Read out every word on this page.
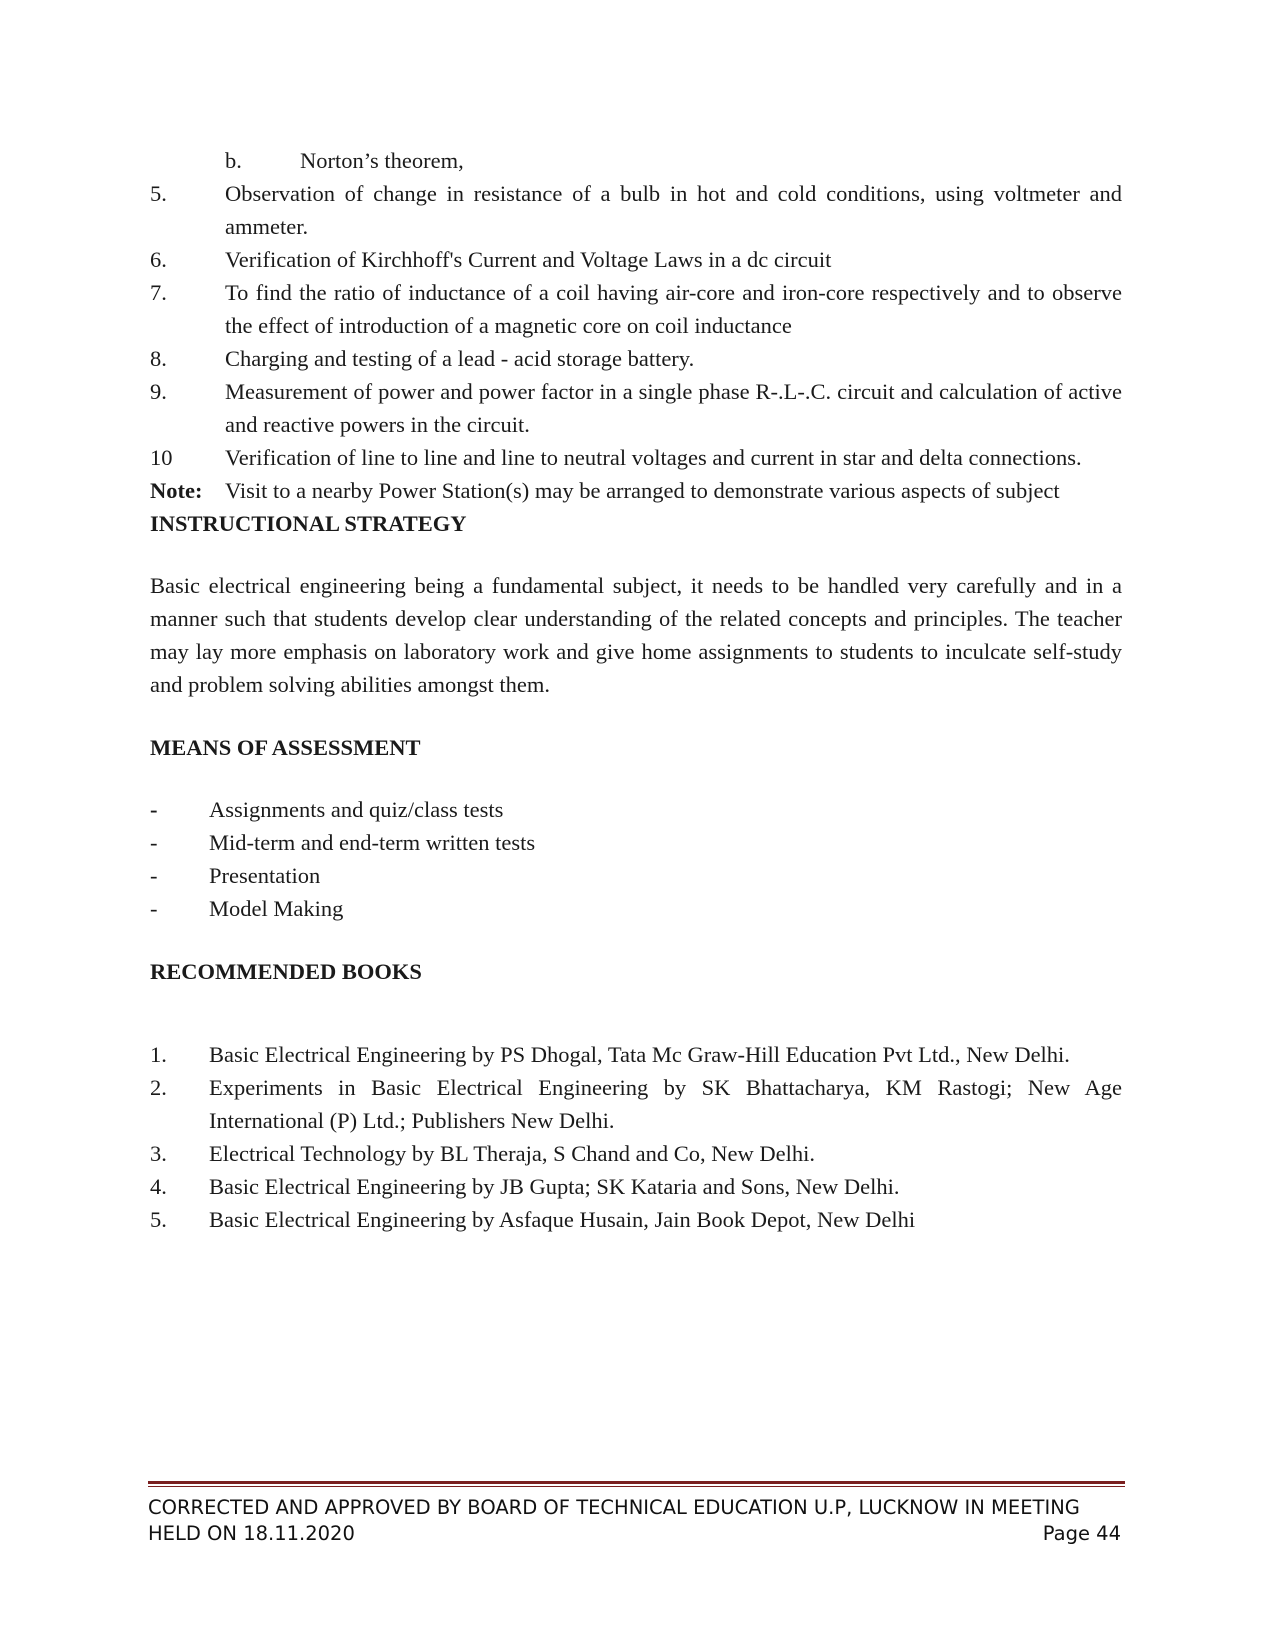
b.	Norton’s theorem,
5.	Observation of change in resistance of a bulb in hot and cold conditions, using voltmeter and ammeter.
6.	Verification of Kirchhoff's Current and Voltage Laws in a dc circuit
7.	To find the ratio of inductance of a coil having air-core and iron-core respectively and to observe the effect of introduction of a magnetic core on coil inductance
8.	Charging and testing of a lead - acid storage battery.
9.	Measurement of power and power factor in a single phase R-.L-.C. circuit and calculation of active and reactive powers in the circuit.
10	Verification of line to line and line to neutral voltages and current in star and delta connections.
Note:	Visit to a nearby Power Station(s) may be arranged to demonstrate various aspects of subject
INSTRUCTIONAL STRATEGY

Basic electrical engineering being a fundamental subject, it needs to be handled very carefully and in a manner such that students develop clear understanding of the related concepts and principles. The teacher may lay more emphasis on laboratory work and give home assignments to students to inculcate self-study and problem solving abilities amongst them.

MEANS OF ASSESSMENT
-	Assignments and quiz/class tests
-	Mid-term and end-term written tests
-	Presentation
-	Model Making
RECOMMENDED BOOKS
1.	Basic Electrical Engineering by PS Dhogal, Tata Mc Graw-Hill Education Pvt Ltd., New Delhi.
2.	Experiments in Basic Electrical Engineering by SK Bhattacharya, KM Rastogi; New Age International (P) Ltd.; Publishers New Delhi.
3.	Electrical Technology by BL Theraja, S Chand and Co, New Delhi.
4.	Basic Electrical Engineering by JB Gupta; SK Kataria and Sons, New Delhi.
5.	Basic Electrical Engineering by Asfaque Husain, Jain Book Depot, New Delhi
CORRECTED AND APPROVED BY BOARD OF TECHNICAL EDUCATION U.P, LUCKNOW IN MEETING
HELD ON 18.11.2020	Page 44
